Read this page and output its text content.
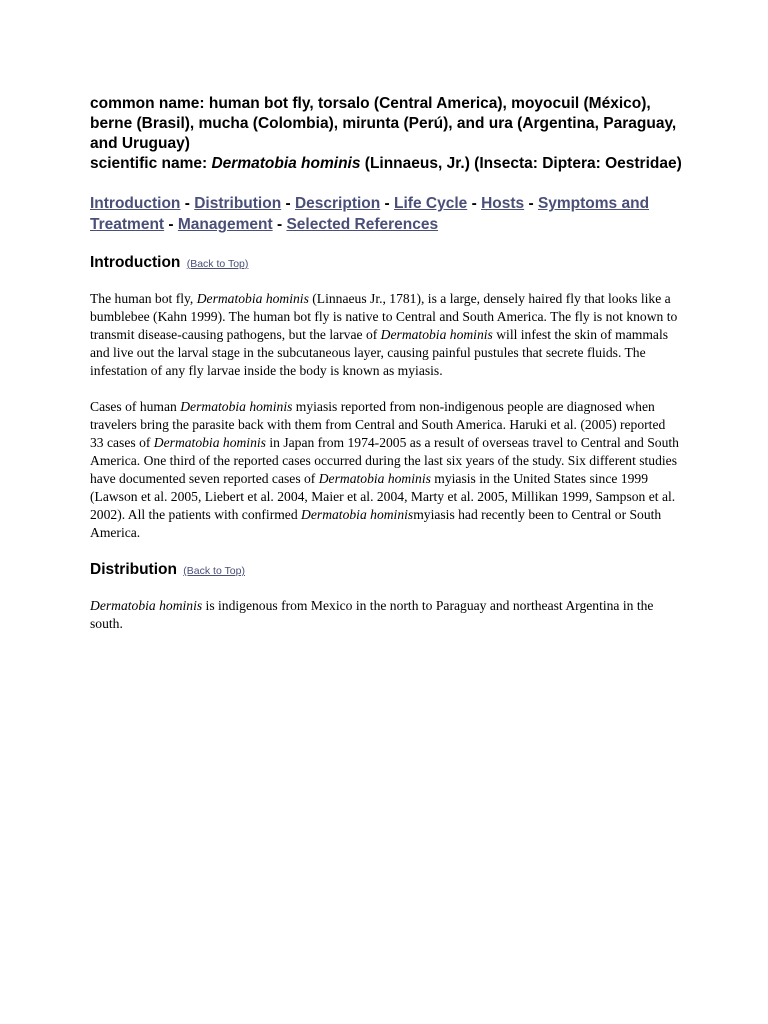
common name: human bot fly, torsalo (Central America), moyocuil (México), berne (Brasil), mucha (Colombia), mirunta (Perú), and ura (Argentina, Paraguay, and Uruguay)
scientific name: Dermatobia hominis (Linnaeus, Jr.) (Insecta: Diptera: Oestridae)
Introduction - Distribution - Description - Life Cycle - Hosts - Symptoms and Treatment - Management - Selected References
Introduction (Back to Top)

The human bot fly, Dermatobia hominis (Linnaeus Jr., 1781), is a large, densely haired fly that looks like a bumblebee (Kahn 1999). The human bot fly is native to Central and South America. The fly is not known to transmit disease-causing pathogens, but the larvae of Dermatobia hominis will infest the skin of mammals and live out the larval stage in the subcutaneous layer, causing painful pustules that secrete fluids. The infestation of any fly larvae inside the body is known as myiasis.

Cases of human Dermatobia hominis myiasis reported from non-indigenous people are diagnosed when travelers bring the parasite back with them from Central and South America. Haruki et al. (2005) reported 33 cases of Dermatobia hominis in Japan from 1974-2005 as a result of overseas travel to Central and South America. One third of the reported cases occurred during the last six years of the study. Six different studies have documented seven reported cases of Dermatobia hominis myiasis in the United States since 1999 (Lawson et al. 2005, Liebert et al. 2004, Maier et al. 2004, Marty et al. 2005, Millikan 1999, Sampson et al. 2002). All the patients with confirmed Dermatobia hominismyiasis had recently been to Central or South America.

Distribution (Back to Top)

Dermatobia hominis is indigenous from Mexico in the north to Paraguay and northeast Argentina in the south.
